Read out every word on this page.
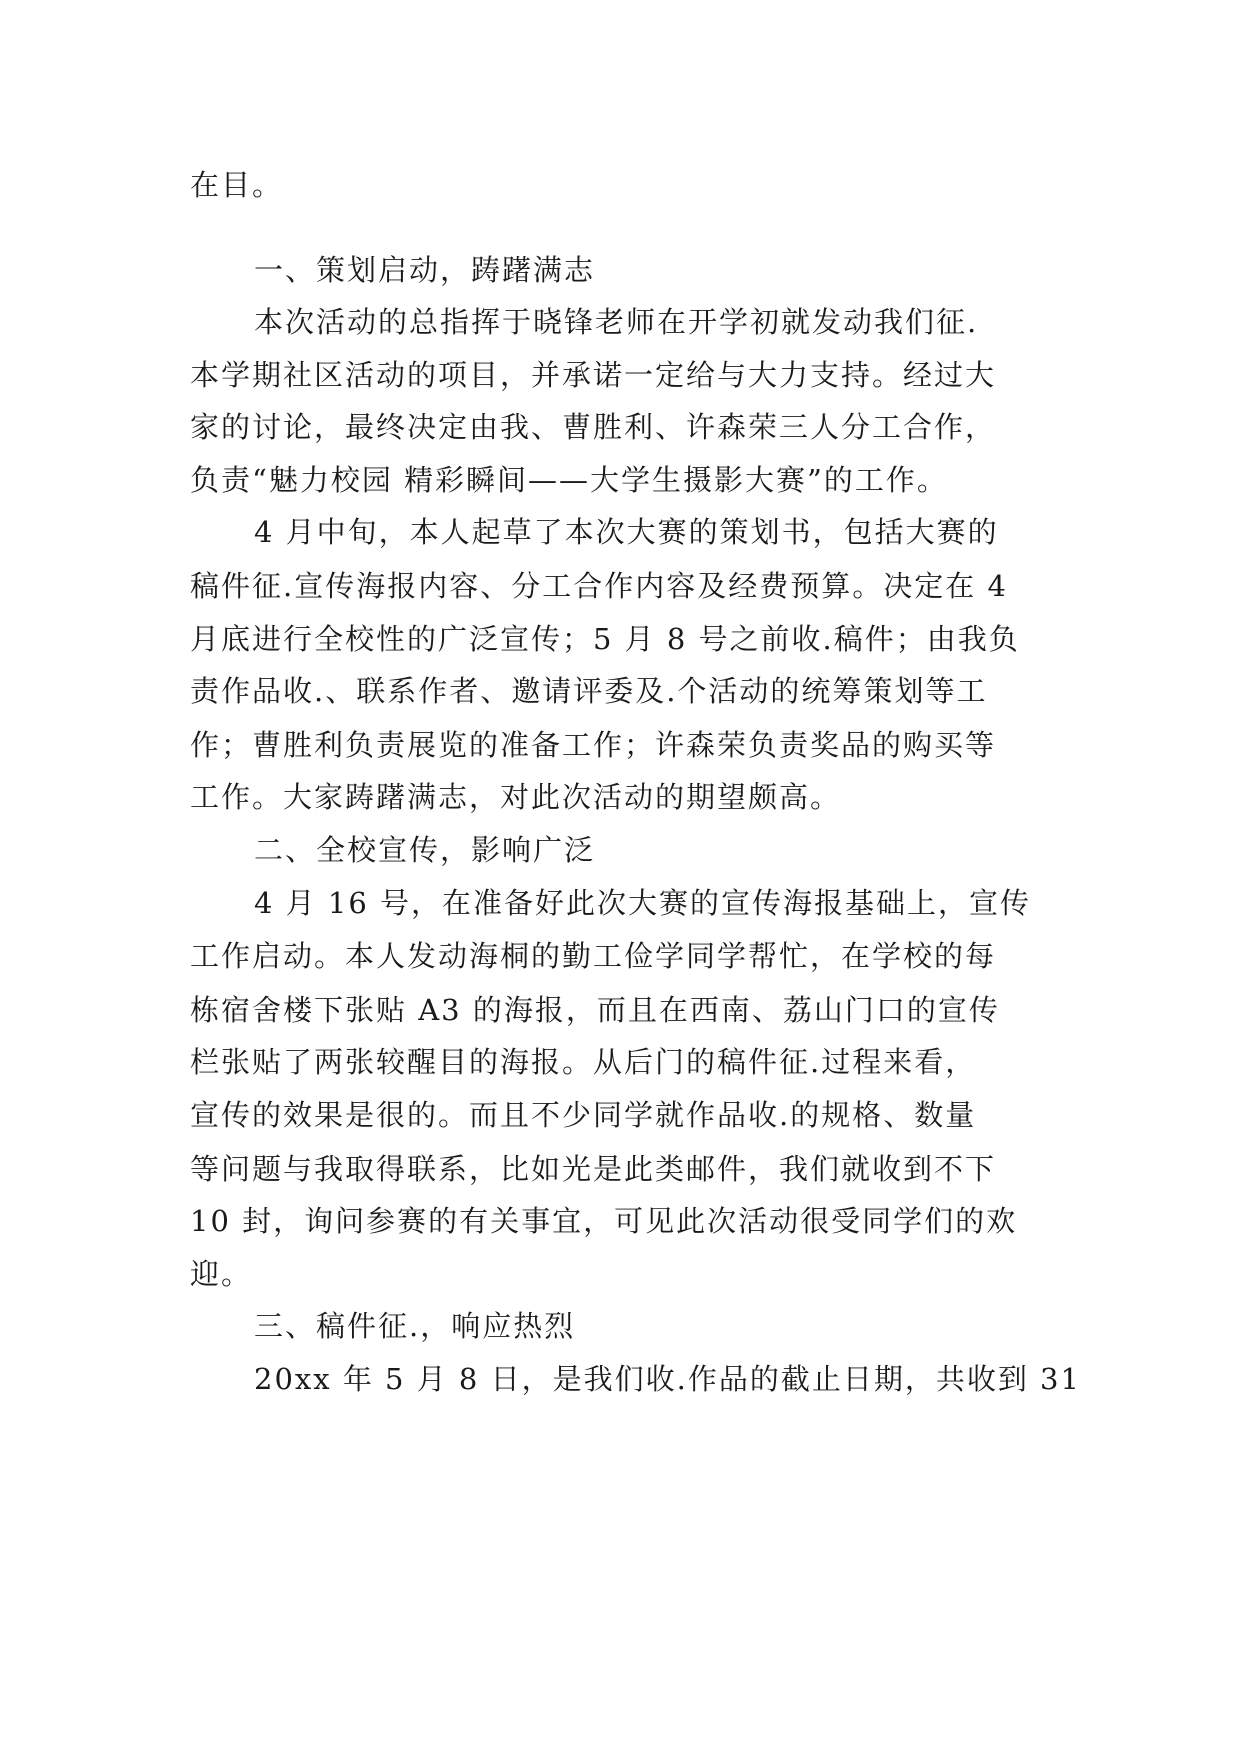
在目。
一、策划启动，踌躇满志
本次活动的总指挥于晓锋老师在开学初就发动我们征.
本学期社区活动的项目，并承诺一定给与大力支持。经过大
家的讨论，最终决定由我、曹胜利、许森荣三人分工合作，
负责“魅力校园 精彩瞬间——大学生摄影大赛”的工作。
4 月中旬，本人起草了本次大赛的策划书，包括大赛的
稿件征.宣传海报内容、分工合作内容及经费预算。决定在 4
月底进行全校性的广泛宣传；5 月 8 号之前收.稿件；由我负
责作品收.、联系作者、邀请评委及.个活动的统筹策划等工
作；曹胜利负责展览的准备工作；许森荣负责奖品的购买等
工作。大家踌躇满志，对此次活动的期望颇高。
二、全校宣传，影响广泛
4 月 16 号，在准备好此次大赛的宣传海报基础上，宣传
工作启动。本人发动海桐的勤工俭学同学帮忙，在学校的每
栋宿舍楼下张贴 A3 的海报，而且在西南、荔山门口的宣传
栏张贴了两张较醒目的海报。从后门的稿件征.过程来看，
宣传的效果是很的。而且不少同学就作品收.的规格、数量
等问题与我取得联系，比如光是此类邮件，我们就收到不下
10 封，询问参赛的有关事宜，可见此次活动很受同学们的欢
迎。
三、稿件征.，响应热烈
20xx 年 5 月 8 日，是我们收.作品的截止日期，共收到 31
